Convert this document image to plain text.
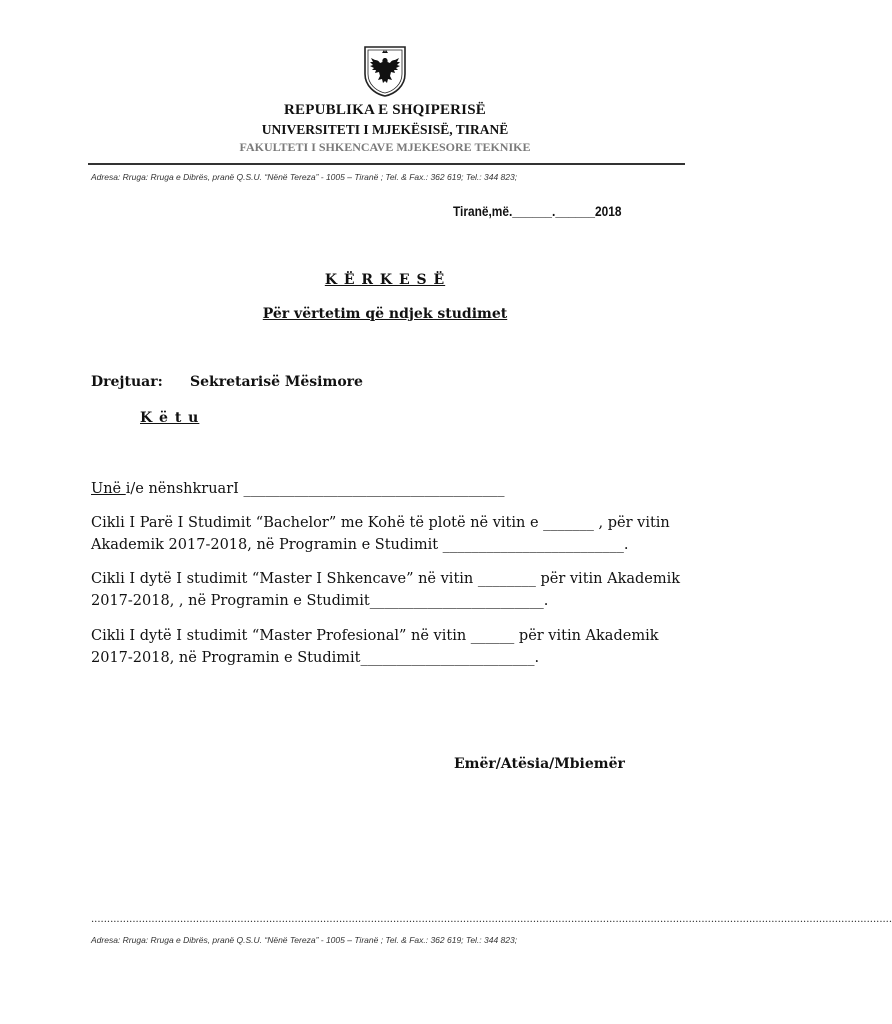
REPUBLIKA E SHQIPERISË
UNIVERSITETI I MJEKËSISË, TIRANË
FAKULTETI I SHKENCAVE MJEKESORE TEKNIKE
Adresa: Rruga: Rruga e Dibrës, pranë Q.S.U. “Nënë Tereza” - 1005 – Tiranë ; Tel. & Fax.: 362 619; Tel.: 344 823;
Tiranë,më.______.______2018
K Ë R K E S Ë
Për vërtetim që ndjek studimet
Drejtuar: Sekretarisë Mësimore
K ë t u
Unë i/e nënshkruarI ____________________________________
Cikli I Parë I Studimit “Bachelor” me Kohë të plotë në vitin e _______ , për vitin Akademik 2017-2018, në Programin e Studimit _________________________.
Cikli I dytë I studimit “Master I Shkencave” në vitin ________ për vitin Akademik 2017-2018, , në Programin e Studimit________________________.
Cikli I dytë I studimit “Master Profesional” në vitin ______ për vitin Akademik 2017-2018, në Programin e Studimit________________________.
Emër/Atësia/Mbiemër
............................................................................................................................................................................................................................................................
Adresa: Rruga: Rruga e Dibrës, pranë Q.S.U. “Nënë Tereza” - 1005 – Tiranë ; Tel. & Fax.: 362 619; Tel.: 344 823;
